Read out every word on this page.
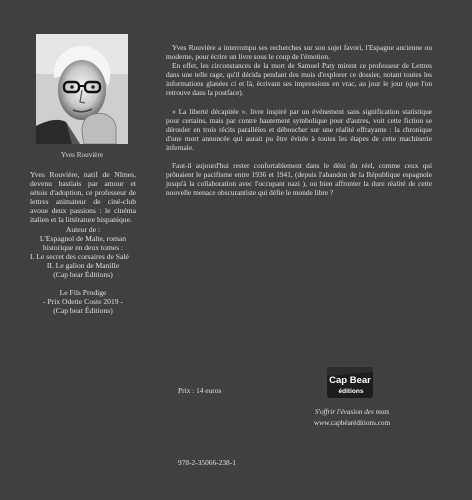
Yves Rouvière
Yves Rouvière, natif de Nîmes, devenu bastiais par amour et sétois d'adoption, ce professeur de lettres animateur de ciné-club avoue deux passions : le cinéma italien et la littérature hispanique.
Auteur de :

L'Espagnol de Malte, roman historique en deux tomes :

I. Le secret des corsaires de Salé

II. Le galion de Manille

(Cap bear Éditions)

Le Fils Prodige

- Prix Odette Coste 2019 -

(Cap bear Éditions)

Yves Rouvière a interrompu ses recherches sur son sujet favori, l'Espagne ancienne ou moderne, pour écrire un livre sous le coup de l'émotion.

En effet, les circonstances de la mort de Samuel Paty mirent ce professeur de Lettres dans une telle rage, qu'il décida pendant des mois d'explorer ce dossier, notant toutes les informations glanées ci et là, écrivant ses impressions en vrac, au jour le jour (que l'on retrouve dans la postface).

« La liberté décapitée ». livre inspiré par un événement sans signification statistique pour certains, mais par contre hautement symbolique pour d'autres, voit cette fiction se dérouler en trois récits parallèles et déboucher sur une réalité effrayante : la chronique d'une mort annoncée qui aurait pu être évitée à toutes les étapes de cette machinerie infernale.

Faut-il aujourd'hui rester confortablement dans le déni du réel, comme ceux qui prônaient le pacifisme entre 1936 et 1941, (depuis l'abandon de la République espagnole jusqu'à la collaboration avec l'occupant nazi ), ou bien affronter la dure réalité de cette nouvelle menace obscurantiste qui défie le monde libre ?

Prix : 14 euros
Cap Bear
éditions
S'offrir l'évasion des mots
www.capbéaréditions.com
978-2-35066-238-1
